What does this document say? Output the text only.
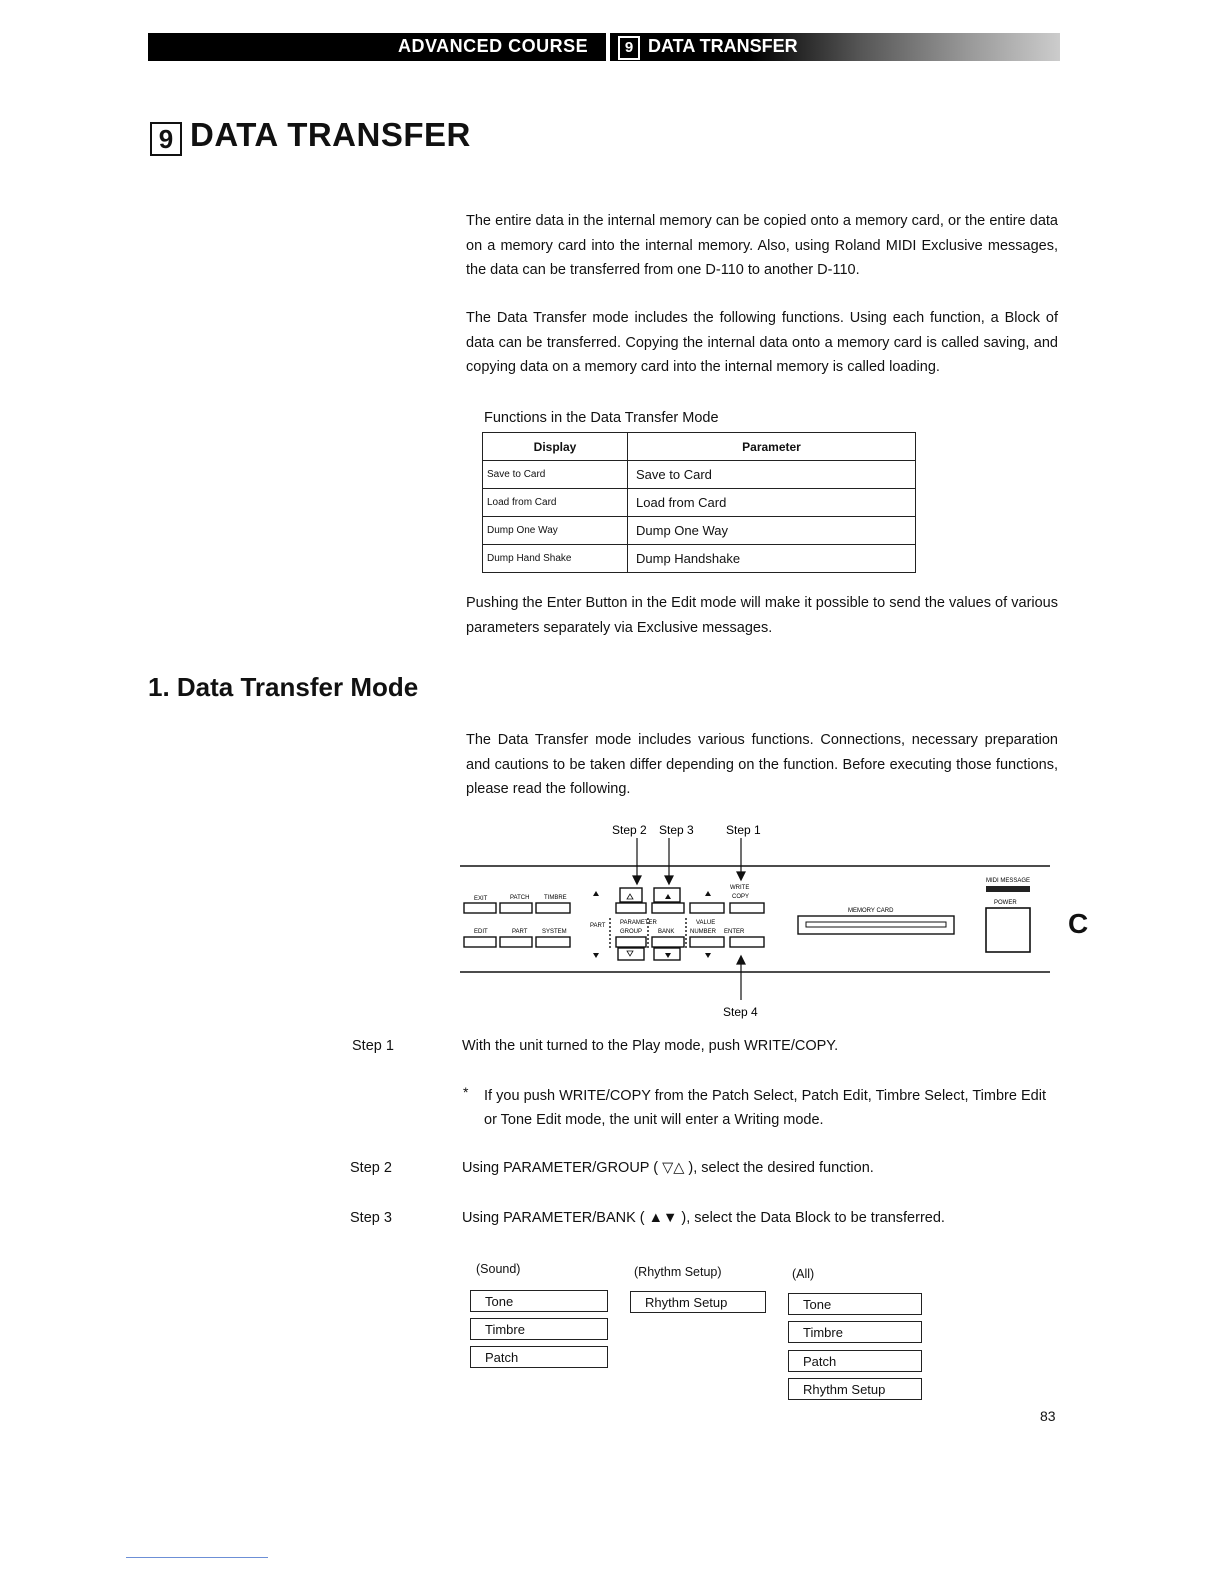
ADVANCED COURSE	9 DATA TRANSFER
9 DATA TRANSFER
The entire data in the internal memory can be copied onto a memory card, or the entire data on a memory card into the internal memory. Also, using Roland MIDI Exclusive messages, the data can be transferred from one D-110 to another D-110.
The Data Transfer mode includes the following functions. Using each function, a Block of data can be transferred. Copying the internal data onto a memory card is called saving, and copying data on a memory card into the internal memory is called loading.
Functions in the Data Transfer Mode
Display	Parameter
Save to Card	Save to Card
Load from Card	Load from Card
Dump One Way	Dump One Way
Dump Hand Shake	Dump Handshake
Pushing the Enter Button in the Edit mode will make it possible to send the values of various parameters separately via Exclusive messages.
1. Data Transfer Mode
The Data Transfer mode includes various functions. Connections, necessary preparation and cautions to be taken differ depending on the function. Before executing those functions, please read the following.
Step 2 Step 3	Step 1
Step 4
EXIT	PATCH TIMBRE
WRITE
COPY
EDIT	PART SYSTEM
PART PARAMETER
GROUP	BANK
VALUE
NUMBER ENTER
MEMORY CARD
MIDI MESSAGE
POWER
C
Step 1	With the unit turned to the Play mode, push WRITE/COPY.
*	If you push WRITE/COPY from the Patch Select, Patch Edit, Timbre Select, Timbre Edit or Tone Edit mode, the unit will enter a Writing mode.
Step 2	Using PARAMETER/GROUP ( ▽△ ), select the desired function.
Step 3	Using PARAMETER/BANK ( ▲▼ ), select the Data Block to be transferred.
(Sound)
Tone
Timbre
Patch
(Rhythm Setup)
Rhythm Setup
(All)
Tone
Timbre
Patch
Rhythm Setup
83
